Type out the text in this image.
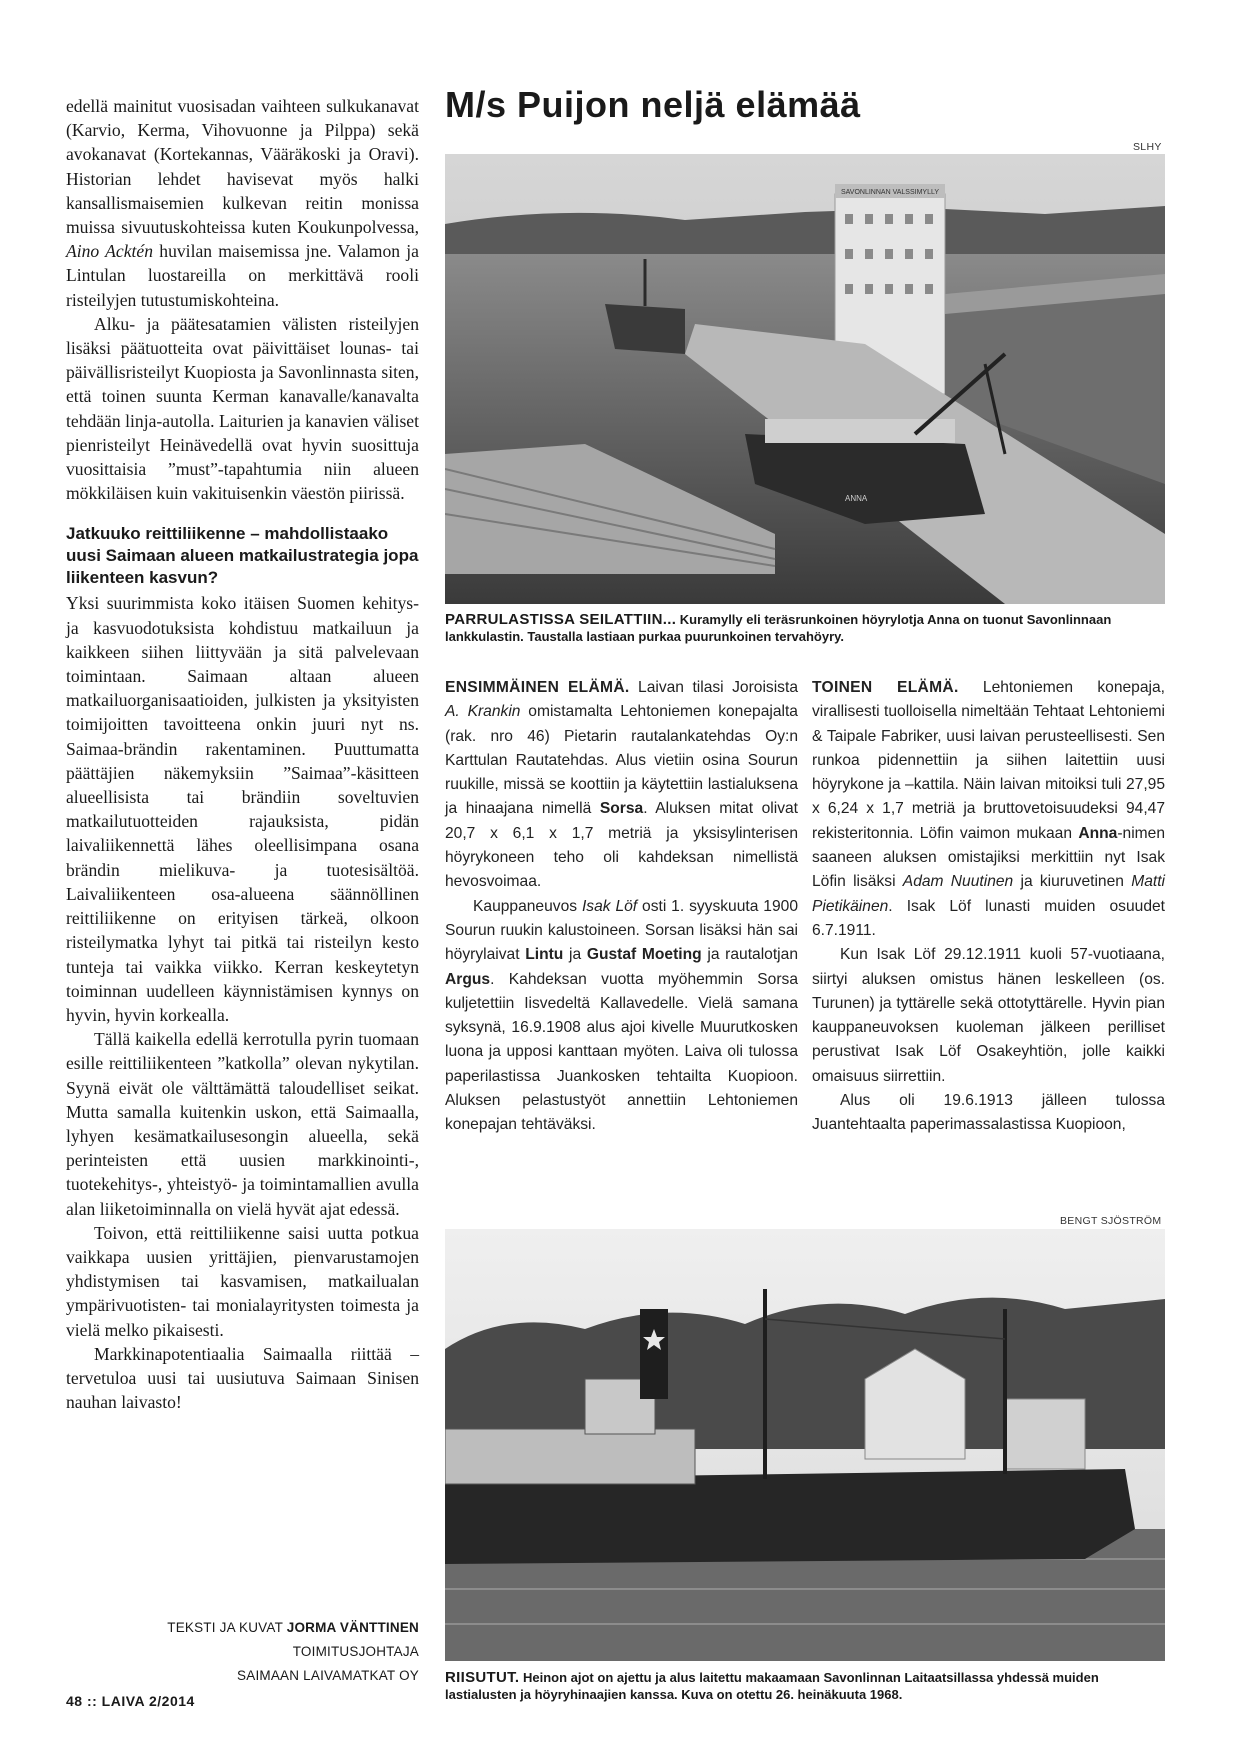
edellä mainitut vuosisadan vaihteen sulkukanavat (Karvio, Kerma, Vihovuonne ja Pilppa) sekä avokanavat (Kortekannas, Vääräkoski ja Oravi). Historian lehdet havisevat myös halki kansallismaisemien kulkevan reitin monissa muissa sivuutuskohteissa kuten Koukunpolvessa, Aino Acktén huvilan maisemissa jne. Valamon ja Lintulan luostareilla on merkittävä rooli risteilyjen tutustumiskohteina.

Alku- ja päätesatamien välisten risteilyjen lisäksi päätuotteita ovat päivittäiset lounas- tai päivällisristeilyt Kuopiosta ja Savonlinnasta siten, että toinen suunta Kerman kanavalle/kanavalta tehdään linja-autolla. Laiturien ja kanavien väliset pienristeilyt Heinävedellä ovat hyvin suosittuja vuosittaisia ”must”-tapahtumia niin alueen mökkiläisen kuin vakituisenkin väestön piirissä.

Jatkuuko reittiliikenne – mahdollistaako uusi Saimaan alueen matkailustrategia jopa liikenteen kasvun?

Yksi suurimmista koko itäisen Suomen kehitys- ja kasvuodotuksista kohdistuu matkailuun ja kaikkeen siihen liittyvään ja sitä palvelevaan toimintaan. Saimaan altaan alueen matkailuorganisaatioiden, julkisten ja yksityisten toimijoitten tavoitteena onkin juuri nyt ns. Saimaa-brändin rakentaminen. Puuttumatta päättäjien näkemyksiin ”Saimaa”-käsitteen alueellisista tai brändiin soveltuvien matkailutuotteiden rajauksista, pidän laivaliikennettä lähes oleellisimpana osana brändin mielikuva- ja tuotesisältöä. Laivaliikenteen osa-alueena säännöllinen reittiliikenne on erityisen tärkeä, olkoon risteilymatka lyhyt tai pitkä tai risteilyn kesto tunteja tai vaikka viikko. Kerran keskeytetyn toiminnan uudelleen käynnistämisen kynnys on hyvin, hyvin korkealla.

Tällä kaikella edellä kerrotulla pyrin tuomaan esille reittiliikenteen ”katkolla” olevan nykytilan. Syynä eivät ole välttämättä taloudelliset seikat. Mutta samalla kuitenkin uskon, että Saimaalla, lyhyen kesämatkailusesongin alueella, sekä perinteisten että uusien markkinointi-, tuotekehitys-, yhteistyö- ja toimintamallien avulla alan liiketoiminnalla on vielä hyvät ajat edessä.

Toivon, että reittiliikenne saisi uutta potkua vaikkapa uusien yrittäjien, pienvarustamojen yhdistymisen tai kasvamisen, matkailualan ympärivuotisten- tai monialayritysten toimesta ja vielä melko pikaisesti.

Markkinapotentiaalia Saimaalla riittää – tervetuloa uusi tai uusiutuva Saimaan Sinisen nauhan laivasto!

TEKSTI JA KUVAT JORMA VÄNTTINEN
TOIMITUSJOHTAJA
SAIMAAN LAIVAMATKAT OY
48 :: LAIVA 2/2014
M/s Puijon neljä elämää
SLHY
SAVONLINNAN VALSSIMYLLY
ANNA
PARRULASTISSA SEILATTIIN... Kuramylly eli teräsrunkoinen höyrylotja Anna on tuonut Savonlinnaan lankkulastin. Taustalla lastiaan purkaa puurunkoinen tervahöyry.

ENSIMMÄINEN ELÄMÄ. Laivan tilasi Joroisista A. Krankin omistamalta Lehtoniemen konepajalta (rak. nro 46) Pietarin rautalankatehdas Oy:n Karttulan Rautatehdas. Alus vietiin osina Sourun ruukille, missä se koottiin ja käytettiin lastialuksena ja hinaajana nimellä Sorsa. Aluksen mitat olivat 20,7 x 6,1 x 1,7 metriä ja yksisylinterisen höyrykoneen teho oli kahdeksan nimellistä hevosvoimaa.

Kauppaneuvos Isak Löf osti 1. syyskuuta 1900 Sourun ruukin kalustoineen. Sorsan lisäksi hän sai höyrylaivat Lintu ja Gustaf Moeting ja rautalotjan Argus. Kahdeksan vuotta myöhemmin Sorsa kuljetettiin Iisvedeltä Kallavedelle. Vielä samana syksynä, 16.9.1908 alus ajoi kivelle Muurutkosken luona ja upposi kanttaan myöten. Laiva oli tulossa paperilastissa Juankosken tehtailta Kuopioon. Aluksen pelastustyöt annettiin Lehtoniemen konepajan tehtäväksi.

TOINEN ELÄMÄ. Lehtoniemen konepaja, virallisesti tuolloisella nimeltään Tehtaat Lehtoniemi & Taipale Fabriker, uusi laivan perusteellisesti. Sen runkoa pidennettiin ja siihen laitettiin uusi höyrykone ja –kattila. Näin laivan mitoiksi tuli 27,95 x 6,24 x 1,7 metriä ja bruttovetoisuudeksi 94,47 rekisteritonnia. Löfin vaimon mukaan Anna-nimen saaneen aluksen omistajiksi merkittiin nyt Isak Löfin lisäksi Adam Nuutinen ja kiuruvetinen Matti Pietikäinen. Isak Löf lunasti muiden osuudet 6.7.1911.

Kun Isak Löf 29.12.1911 kuoli 57-vuotiaana, siirtyi aluksen omistus hänen leskelleen (os. Turunen) ja tyttärelle sekä ottotyttärelle. Hyvin pian kauppaneuvoksen kuoleman jälkeen perilliset perustivat Isak Löf Osakeyhtiön, jolle kaikki omaisuus siirrettiin.

Alus oli 19.6.1913 jälleen tulossa Juantehtaalta paperimassalastissa Kuopioon,

BENGT SJÖSTRÖM
RIISUTUT. Heinon ajot on ajettu ja alus laitettu makaamaan Savonlinnan Laitaatsillassa yhdessä muiden lastialusten ja höyryhinaajien kanssa. Kuva on otettu 26. heinäkuuta 1968.
